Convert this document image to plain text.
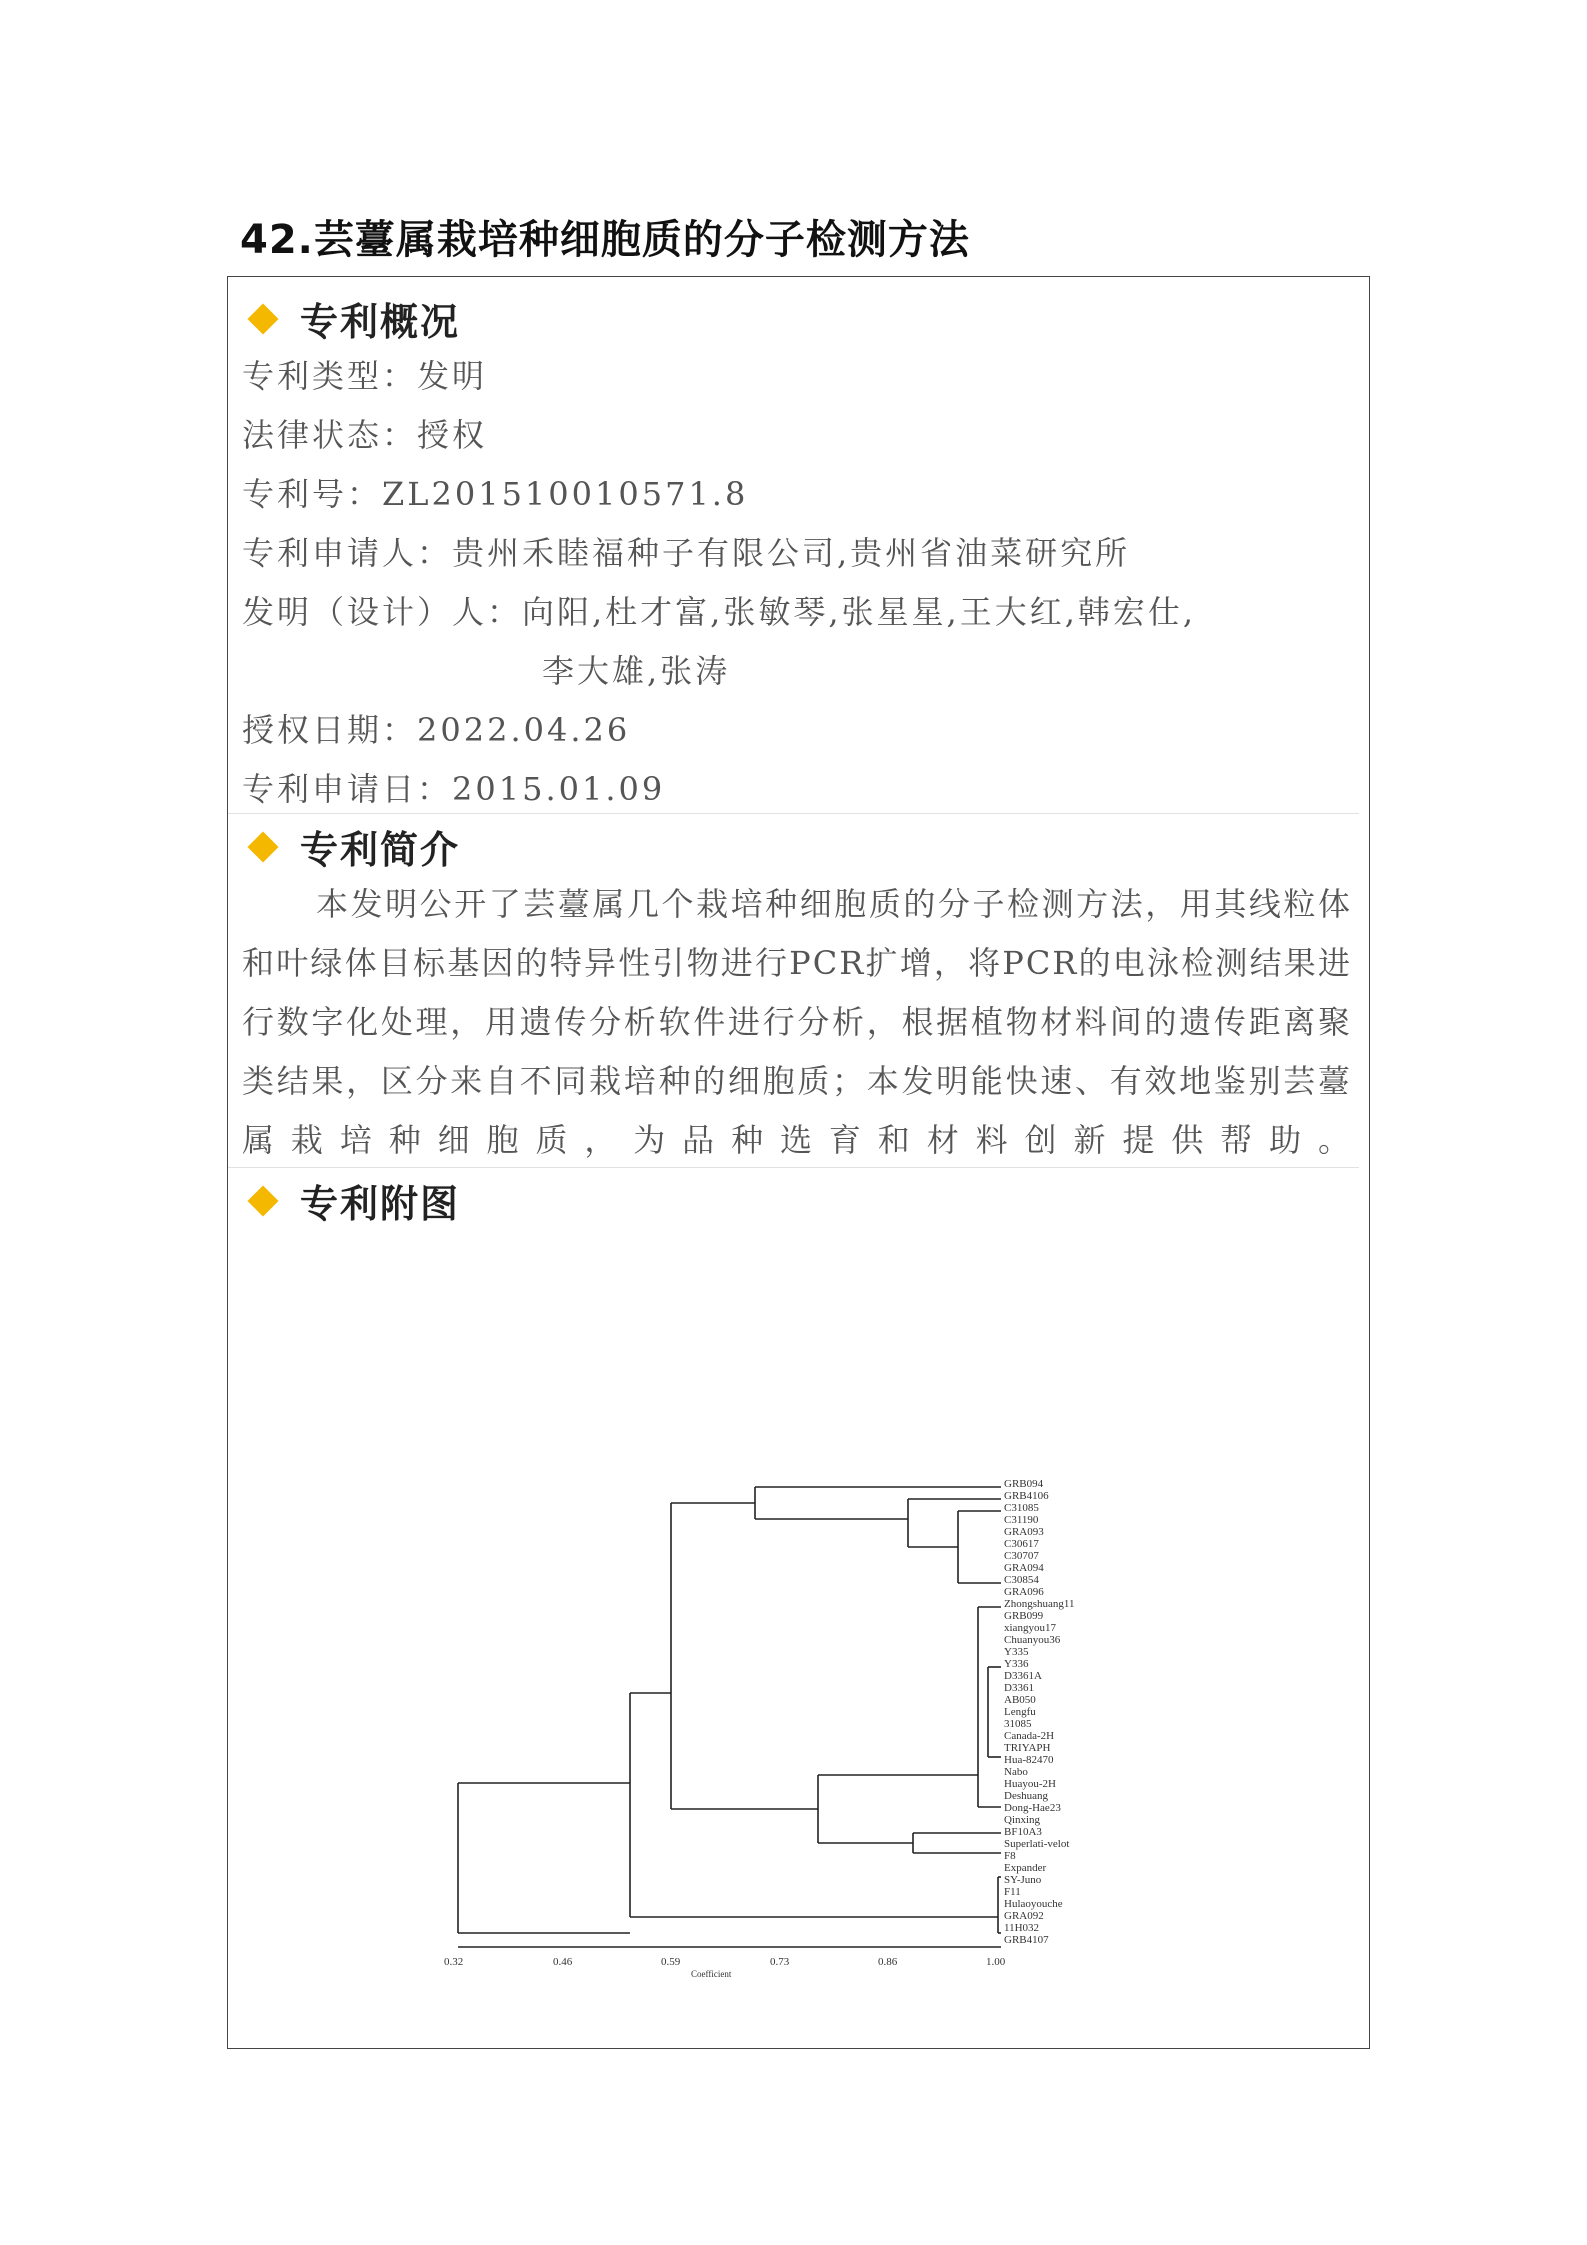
42.芸薹属栽培种细胞质的分子检测方法
专利概况
专利类型：发明
法律状态：授权
专利号：ZL201510010571.8
专利申请人：贵州禾睦福种子有限公司,贵州省油菜研究所
发明（设计）人：向阳,杜才富,张敏琴,张星星,王大红,韩宏仕,
李大雄,张涛
授权日期：2022.04.26
专利申请日：2015.01.09
专利简介

本发明公开了芸薹属几个栽培种细胞质的分子检测方法，用其线粒体和叶绿体目标基因的特异性引物进行PCR扩增，将PCR的电泳检测结果进行数字化处理，用遗传分析软件进行分析，根据植物材料间的遗传距离聚类结果，区分来自不同栽培种的细胞质；本发明能快速、有效地鉴别芸薹属栽培种细胞质，为品种选育和材料创新提供帮助。

专利附图
0.32	0.46	0.59	0.73	0.86	1.00
Coefficient
GRB094
GRB4106
C31085
C31190
GRA093
C30617
C30707
GRA094
C30854
GRA096
Zhongshuang11
GRB099
xiangyou17
Chuanyou36
Y335
Y336
D3361A
D3361
AB050
Lengfu
31085
Canada-2H
TRIYAPH
Hua-82470
Nabo
Huayou-2H
Deshuang
Dong-Hae23
Qinxing
BF10A3
Superlati-velot
F8
Expander
SY-Juno
F11
Hulaoyouche
GRA092
11H032
GRB4107
